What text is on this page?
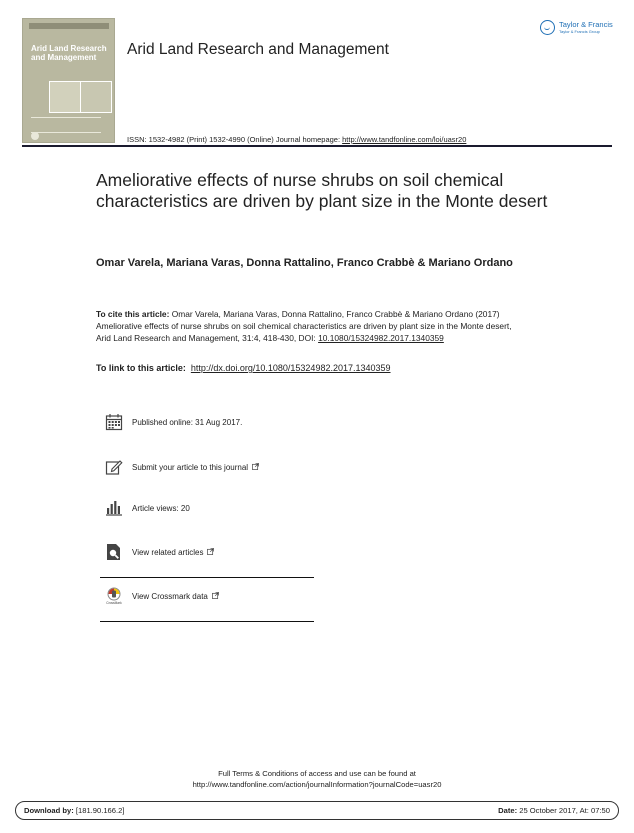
Arid Land Research and Management	Arid Land Research and Management
ISSN: 1532-4982 (Print) 1532-4990 (Online) Journal homepage: http://www.tandfonline.com/loi/uasr20
Taylor & Francis
Taylor & Francis Group
Ameliorative effects of nurse shrubs on soil chemical characteristics are driven by plant size in the Monte desert
Omar Varela, Mariana Varas, Donna Rattalino, Franco Crabbè & Mariano Ordano
To cite this article: Omar Varela, Mariana Varas, Donna Rattalino, Franco Crabbè & Mariano Ordano (2017) Ameliorative effects of nurse shrubs on soil chemical characteristics are driven by plant size in the Monte desert, Arid Land Research and Management, 31:4, 418-430, DOI: 10.1080/15324982.2017.1340359
To link to this article: http://dx.doi.org/10.1080/15324982.2017.1340359
Published online: 31 Aug 2017.
Submit your article to this journal
Article views: 20
View related articles
CrossMark
View Crossmark data
Full Terms & Conditions of access and use can be found at
http://www.tandfonline.com/action/journalInformation?journalCode=uasr20
Download by: [181.90.166.2]	Date: 25 October 2017, At: 07:50
